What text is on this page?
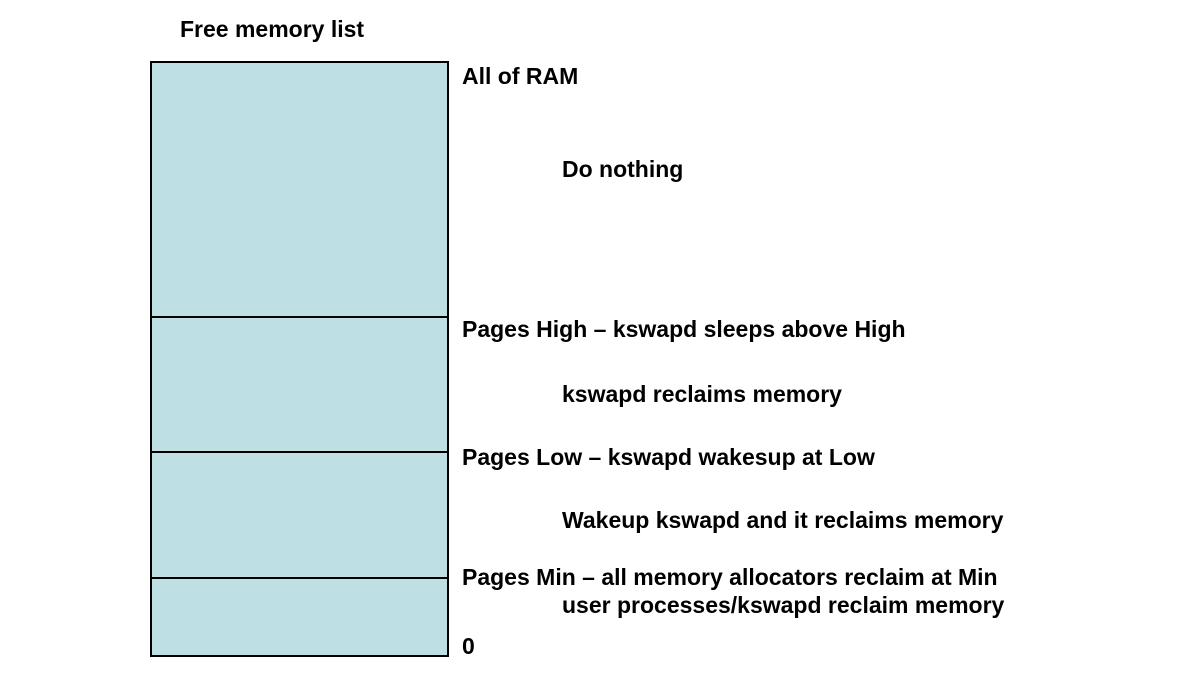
Free memory list
All of RAM
Do nothing
Pages High – kswapd sleeps above High
kswapd reclaims memory
Pages Low – kswapd wakesup at Low
Wakeup kswapd and it reclaims memory
Pages Min – all memory allocators reclaim at Min
user processes/kswapd reclaim memory
0
